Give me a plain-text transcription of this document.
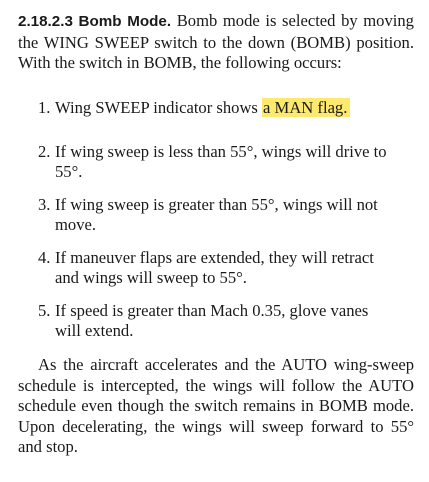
2.18.2.3 Bomb Mode. Bomb mode is selected by moving the WING SWEEP switch to the down (BOMB) position. With the switch in BOMB, the following occurs:

1. Wing SWEEP indicator shows a MAN flag.
2. If wing sweep is less than 55°, wings will drive to 55°.
3. If wing sweep is greater than 55°, wings will not move.
4. If maneuver flaps are extended, they will retract and wings will sweep to 55°.
5. If speed is greater than Mach 0.35, glove vanes will extend.

As the aircraft accelerates and the AUTO wing-sweep schedule is intercepted, the wings will follow the AUTO schedule even though the switch remains in BOMB mode. Upon decelerating, the wings will sweep forward to 55° and stop.
